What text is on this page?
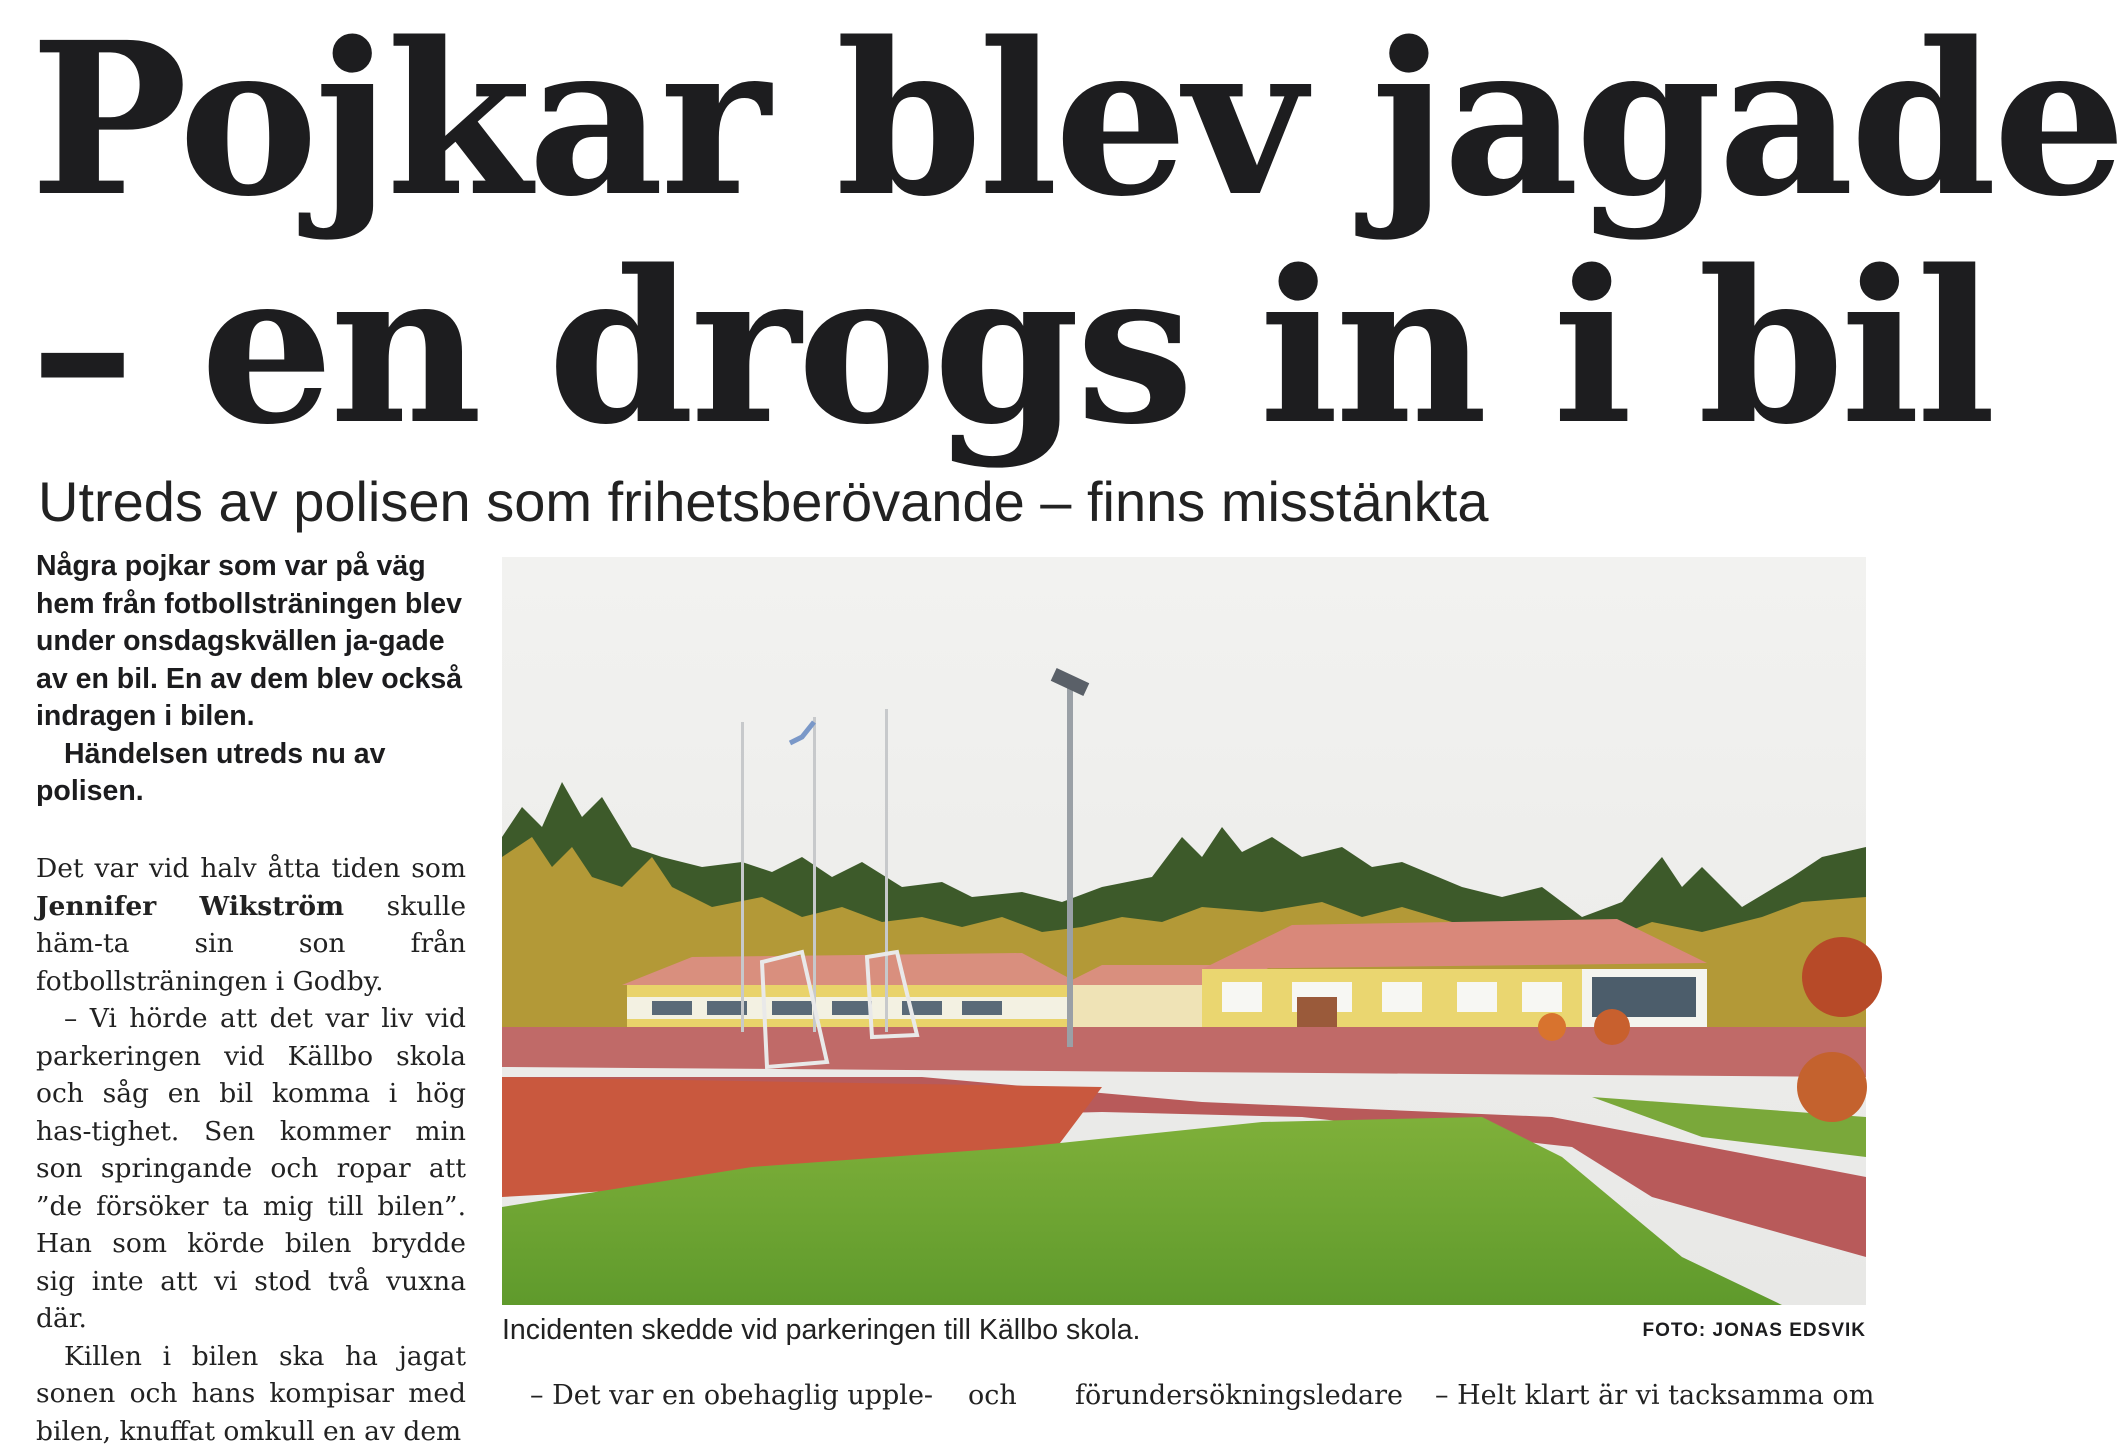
Pojkar blev jagade
– en drogs in i bil
Utreds av polisen som frihetsberövande – finns misstänkta

Några pojkar som var på väg hem från fotbollsträningen blev under onsdagskvällen ja-gade av en bil. En av dem blev också indragen i bilen.

Händelsen utreds nu av polisen.

Det var vid halv åtta tiden som Jennifer Wikström skulle häm-ta sin son från fotbollsträningen i Godby.

– Vi hörde att det var liv vid parkeringen vid Källbo skola och såg en bil komma i hög has-tighet. Sen kommer min son springande och ropar att ”de försöker ta mig till bilen”. Han som körde bilen brydde sig inte att vi stod två vuxna där.

Killen i bilen ska ha jagat sonen och hans kompisar med bilen, knuffat omkull en av dem

Incidenten skedde vid parkeringen till Källbo skola.	FOTO: JONAS EDSVIK
– Det var en obehaglig upple- och förundersökningsledare – Helt klart är vi tacksamma om
